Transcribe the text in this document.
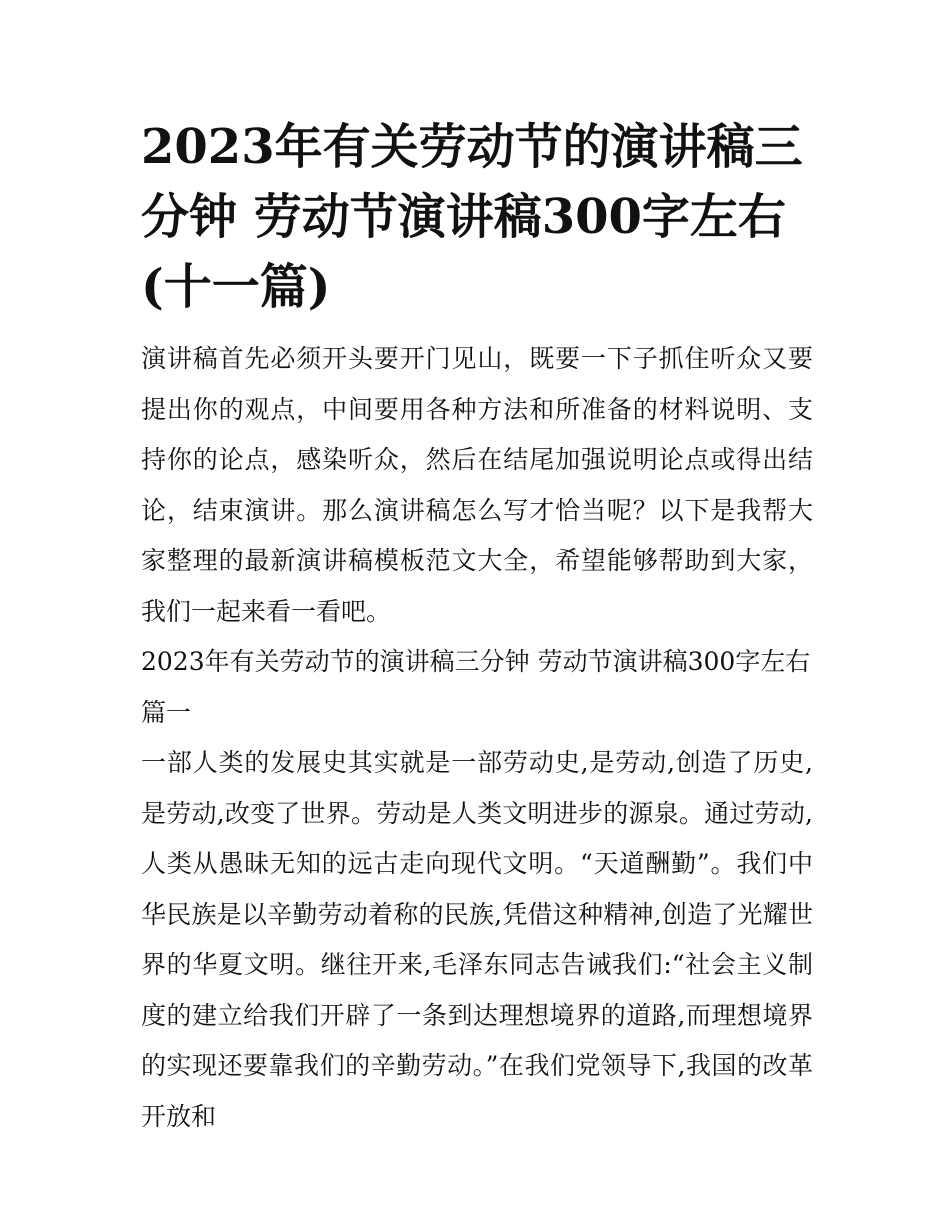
2023年有关劳动节的演讲稿三分钟 劳动节演讲稿300字左右(十一篇)

演讲稿首先必须开头要开门见山，既要一下子抓住听众又要提出你的观点，中间要用各种方法和所准备的材料说明、支持你的论点，感染听众，然后在结尾加强说明论点或得出结论，结束演讲。那么演讲稿怎么写才恰当呢？以下是我帮大家整理的最新演讲稿模板范文大全，希望能够帮助到大家，我们一起来看一看吧。

2023年有关劳动节的演讲稿三分钟 劳动节演讲稿300字左右篇一

一部人类的发展史其实就是一部劳动史,是劳动,创造了历史,是劳动,改变了世界。劳动是人类文明进步的源泉。通过劳动,人类从愚昧无知的远古走向现代文明。“天道酬勤”。我们中华民族是以辛勤劳动着称的民族,凭借这种精神,创造了光耀世界的华夏文明。继往开来,毛泽东同志告诫我们:“社会主义制度的建立给我们开辟了一条到达理想境界的道路,而理想境界的实现还要靠我们的辛勤劳动。”在我们党领导下,我国的改革开放和
